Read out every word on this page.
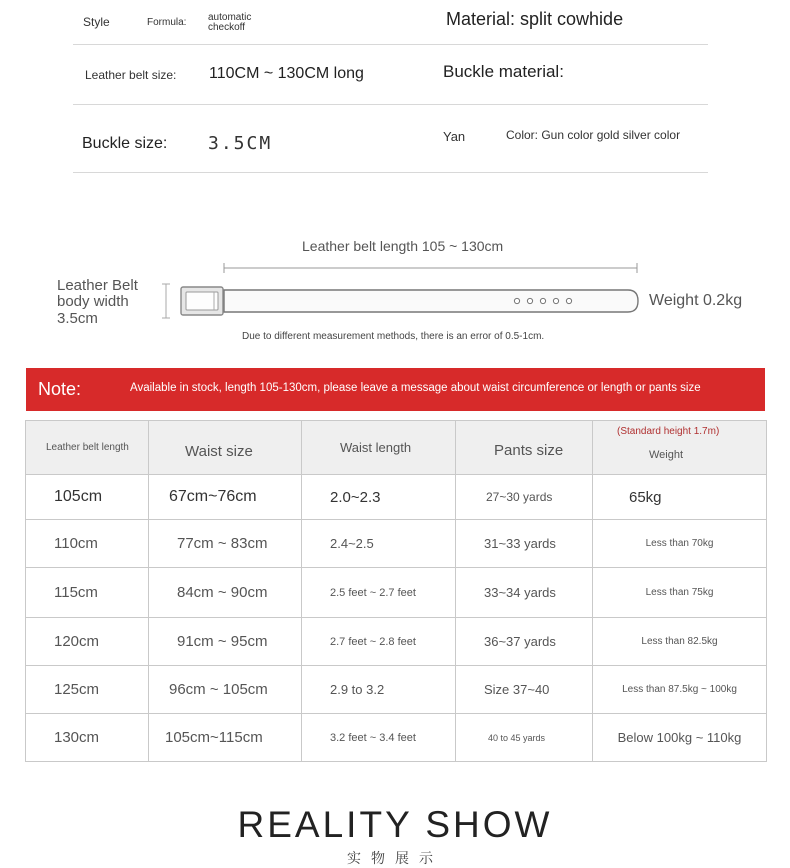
Style	Formula: automatic
checkoff	Material: split cowhide
Leather belt size: 110CM ~ 130CM long	Buckle material:
Buckle size: 3.5CM	Yan	Color: Gun color gold silver color
Leather belt length 105 ~ 130cm
Leather Belt
body width
3.5cm
Weight 0.2kg
Due to different measurement methods, there is an error of 0.5-1cm.
Note:	Available in stock, length 105-130cm, please leave a message about waist circumference or length or pants size
Leather belt length	Waist size	Waist length	Pants size	(Standard height 1.7m)
Weight

105cm	67cm~76cm	2.0~2.3	27~30 yards	65kg
110cm	77cm ~ 83cm	2.4~2.5	31~33 yards	Less than 70kg
115cm	84cm ~ 90cm	2.5 feet ~ 2.7 feet	33~34 yards	Less than 75kg
120cm	91cm ~ 95cm	2.7 feet ~ 2.8 feet	36~37 yards	Less than 82.5kg
125cm	96cm ~ 105cm	2.9 to 3.2	Size 37~40	Less than 87.5kg ~ 100kg
130cm	105cm~115cm	3.2 feet ~ 3.4 feet	40 to 45 yards	Below 100kg ~ 110kg
REALITY SHOW
实物展示
